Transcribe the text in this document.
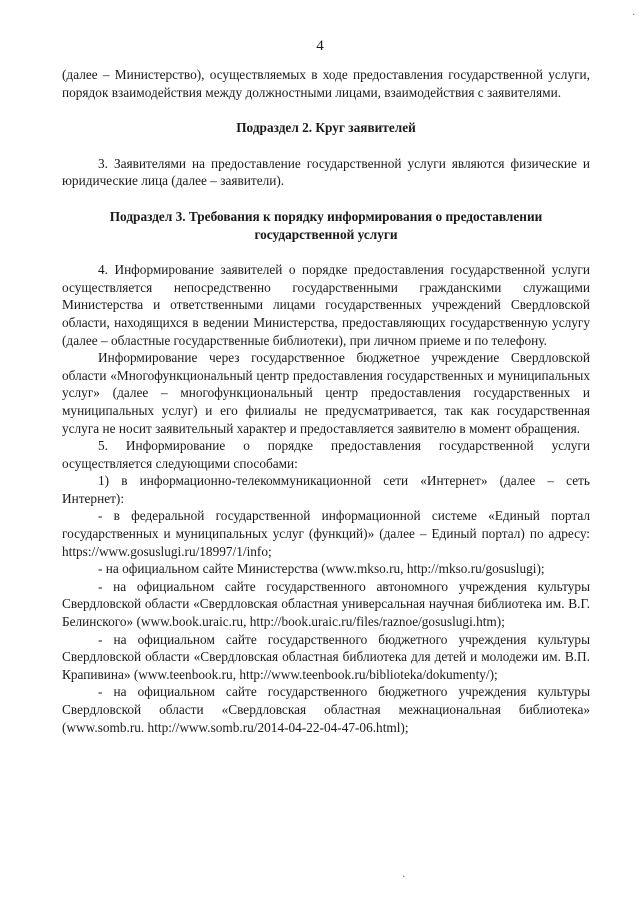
4

(далее – Министерство), осуществляемых в ходе предоставления государственной услуги, порядок взаимодействия между должностными лицами, взаимодействия с заявителями.

Подраздел 2. Круг заявителей

3. Заявителями на предоставление государственной услуги являются физические и юридические лица (далее – заявители).

Подраздел 3. Требования к порядку информирования о предоставлении государственной услуги

4. Информирование заявителей о порядке предоставления государственной услуги осуществляется непосредственно государственными гражданскими служащими Министерства и ответственными лицами государственных учреждений Свердловской области, находящихся в ведении Министерства, предоставляющих государственную услугу (далее – областные государственные библиотеки), при личном приеме и по телефону.

Информирование через государственное бюджетное учреждение Свердловской области «Многофункциональный центр предоставления государственных и муниципальных услуг» (далее – многофункциональный центр предоставления государственных и муниципальных услуг) и его филиалы не предусматривается, так как государственная услуга не носит заявительный характер и предоставляется заявителю в момент обращения.

5. Информирование о порядке предоставления государственной услуги осуществляется следующими способами:

1) в информационно-телекоммуникационной сети «Интернет» (далее – сеть Интернет):

- в федеральной государственной информационной системе «Единый портал государственных и муниципальных услуг (функций)» (далее – Единый портал) по адресу: https://www.gosuslugi.ru/18997/1/info;

- на официальном сайте Министерства (www.mkso.ru, http://mkso.ru/gosuslugi);

- на официальном сайте государственного автономного учреждения культуры Свердловской области «Свердловская областная универсальная научная библиотека им. В.Г. Белинского» (www.book.uraic.ru, http://book.uraic.ru/files/raznoe/gosuslugi.htm);

- на официальном сайте государственного бюджетного учреждения культуры Свердловской области «Свердловская областная библиотека для детей и молодежи им. В.П. Крапивина» (www.teenbook.ru, http://www.teenbook.ru/biblioteka/dokumenty/);

- на официальном сайте государственного бюджетного учреждения культуры Свердловской области «Свердловская областная межнациональная библиотека» (www.somb.ru. http://www.somb.ru/2014-04-22-04-47-06.html);

·
·
